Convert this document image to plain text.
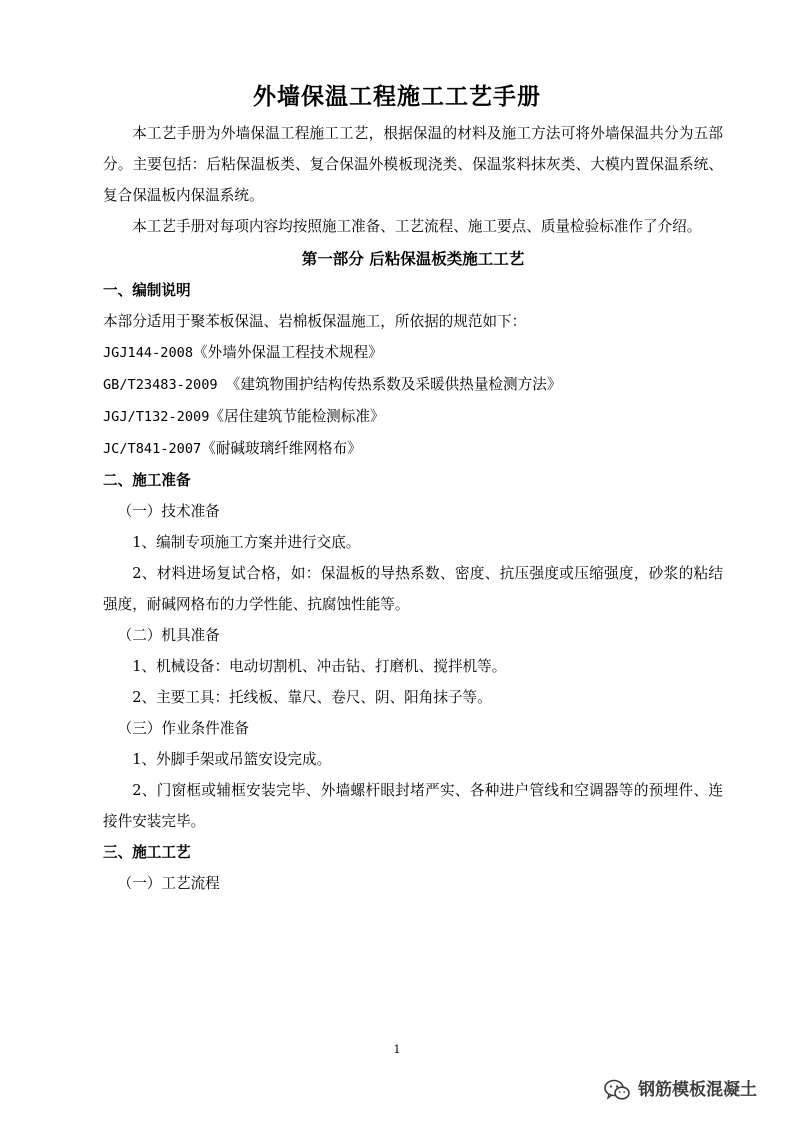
外墙保温工程施工工艺手册

本工艺手册为外墙保温工程施工工艺，根据保温的材料及施工方法可将外墙保温共分为五部分。主要包括：后粘保温板类、复合保温外模板现浇类、保温浆料抹灰类、大模内置保温系统、复合保温板内保温系统。

本工艺手册对每项内容均按照施工准备、工艺流程、施工要点、质量检验标准作了介绍。

第一部分 后粘保温板类施工工艺

一、编制说明

本部分适用于聚苯板保温、岩棉板保温施工，所依据的规范如下：

JGJ144-2008《外墙外保温工程技术规程》

GB/T23483-2009 《建筑物围护结构传热系数及采暖供热量检测方法》

JGJ/T132-2009《居住建筑节能检测标准》

JC/T841-2007《耐碱玻璃纤维网格布》

二、施工准备

（一）技术准备

1、编制专项施工方案并进行交底。

2、材料进场复试合格，如：保温板的导热系数、密度、抗压强度或压缩强度，砂浆的粘结强度，耐碱网格布的力学性能、抗腐蚀性能等。

（二）机具准备

1、机械设备：电动切割机、冲击钻、打磨机、搅拌机等。

2、主要工具：托线板、靠尺、卷尺、阴、阳角抹子等。

（三）作业条件准备

1、外脚手架或吊篮安设完成。

2、门窗框或辅框安装完毕、外墙螺杆眼封堵严实、各种进户管线和空调器等的预埋件、连接件安装完毕。

三、施工工艺

（一）工艺流程

1
钢筋模板混凝土
